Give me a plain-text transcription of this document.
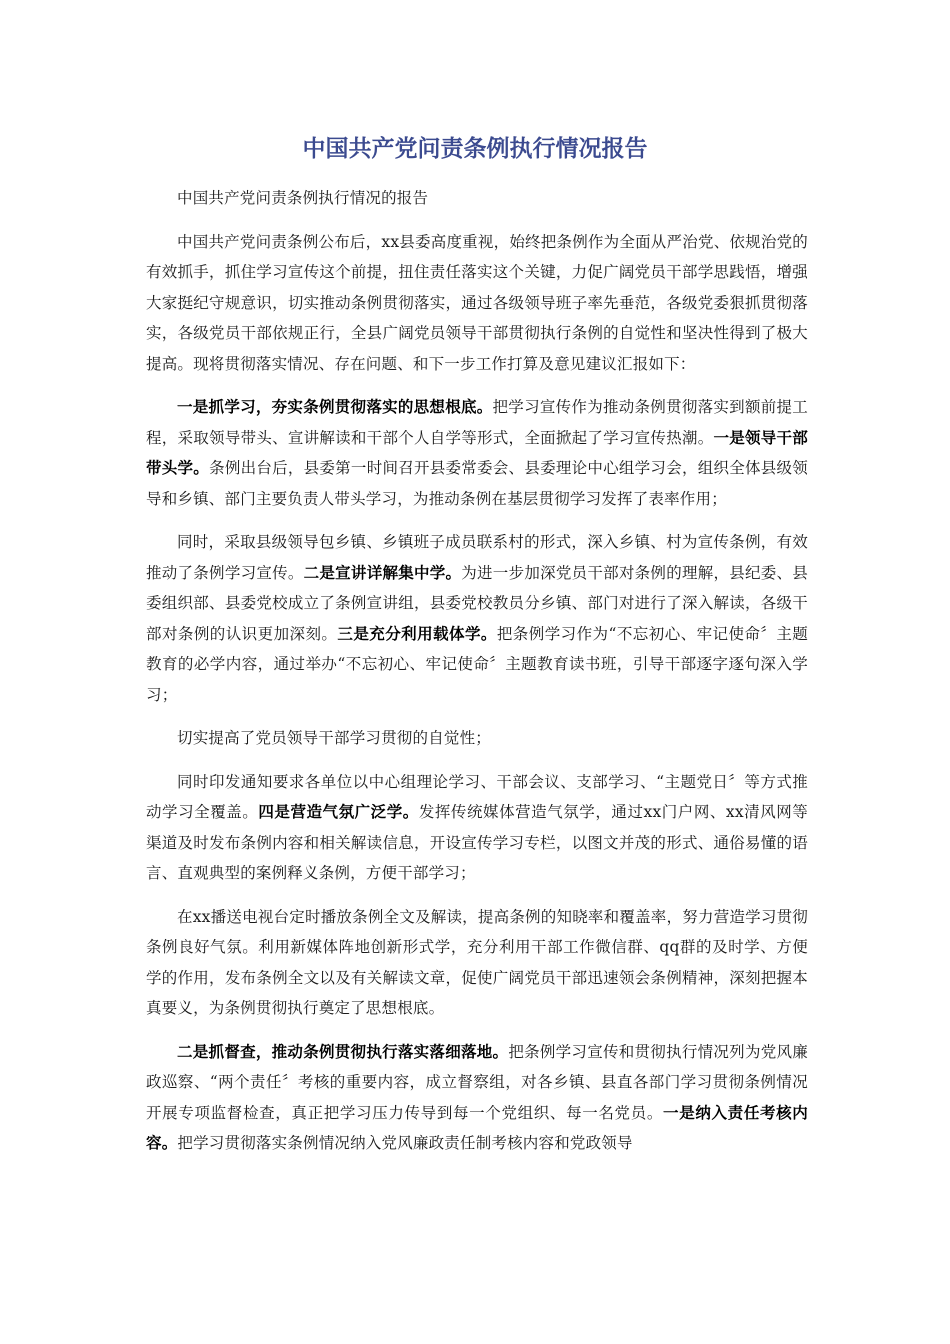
中国共产党问责条例执行情况报告

中国共产党问责条例执行情况的报告

中国共产党问责条例公布后，xx县委高度重视，始终把条例作为全面从严治党、依规治党的有效抓手，抓住学习宣传这个前提，扭住责任落实这个关键，力促广阔党员干部学思践悟，增强大家挺纪守规意识，切实推动条例贯彻落实，通过各级领导班子率先垂范，各级党委狠抓贯彻落实，各级党员干部依规正行，全县广阔党员领导干部贯彻执行条例的自觉性和坚决性得到了极大提高。现将贯彻落实情况、存在问题、和下一步工作打算及意见建议汇报如下：

一是抓学习，夯实条例贯彻落实的思想根底。把学习宣传作为推动条例贯彻落实到额前提工程，采取领导带头、宣讲解读和干部个人自学等形式，全面掀起了学习宣传热潮。一是领导干部带头学。条例出台后，县委第一时间召开县委常委会、县委理论中心组学习会，组织全体县级领导和乡镇、部门主要负责人带头学习，为推动条例在基层贯彻学习发挥了表率作用；

同时，采取县级领导包乡镇、乡镇班子成员联系村的形式，深入乡镇、村为宣传条例，有效推动了条例学习宣传。二是宣讲详解集中学。为进一步加深党员干部对条例的理解，县纪委、县委组织部、县委党校成立了条例宣讲组，县委党校教员分乡镇、部门对进行了深入解读，各级干部对条例的认识更加深刻。三是充分利用载体学。把条例学习作为“不忘初心、牢记使命〞主题教育的必学内容，通过举办“不忘初心、牢记使命〞主题教育读书班，引导干部逐字逐句深入学习；

切实提高了党员领导干部学习贯彻的自觉性；

同时印发通知要求各单位以中心组理论学习、干部会议、支部学习、“主题党日〞等方式推动学习全覆盖。四是营造气氛广泛学。发挥传统媒体营造气氛学，通过xx门户网、xx清风网等渠道及时发布条例内容和相关解读信息，开设宣传学习专栏，以图文并茂的形式、通俗易懂的语言、直观典型的案例释义条例，方便干部学习；

在xx播送电视台定时播放条例全文及解读，提高条例的知晓率和覆盖率，努力营造学习贯彻条例良好气氛。利用新媒体阵地创新形式学，充分利用干部工作微信群、qq群的及时学、方便学的作用，发布条例全文以及有关解读文章，促使广阔党员干部迅速领会条例精神，深刻把握本真要义，为条例贯彻执行奠定了思想根底。

二是抓督查，推动条例贯彻执行落实落细落地。把条例学习宣传和贯彻执行情况列为党风廉政巡察、“两个责任〞考核的重要内容，成立督察组，对各乡镇、县直各部门学习贯彻条例情况开展专项监督检查，真正把学习压力传导到每一个党组织、每一名党员。一是纳入责任考核内容。把学习贯彻落实条例情况纳入党风廉政责任制考核内容和党政领导
